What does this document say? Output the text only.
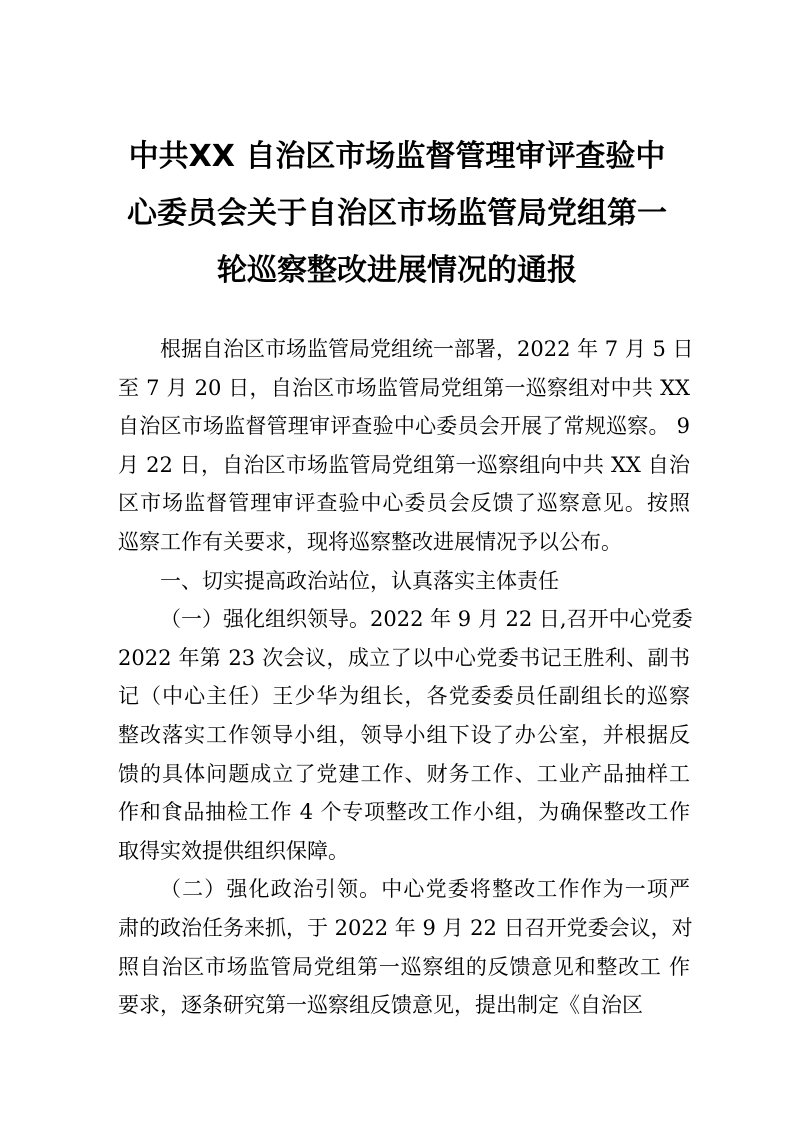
中共XX 自治区市场监督管理审评查验中
心委员会关于自治区市场监管局党组第一
轮巡察整改进展情况的通报
根据自治区市场监管局党组统一部署，2022 年 7 月 5 日
至 7 月 20 日，自治区市场监管局党组第一巡察组对中共 XX
自治区市场监督管理审评查验中心委员会开展了常规巡察。 9
月 22 日，自治区市场监管局党组第一巡察组向中共 XX 自治
区市场监督管理审评查验中心委员会反馈了巡察意见。按照
巡察工作有关要求，现将巡察整改进展情况予以公布。
一、切实提高政治站位，认真落实主体责任
（一）强化组织领导。2022 年 9 月 22 日,召开中心党委
2022 年第 23 次会议，成立了以中心党委书记王胜利、副书
记（中心主任）王少华为组长，各党委委员任副组长的巡察
整改落实工作领导小组，领导小组下设了办公室，并根据反
馈的具体问题成立了党建工作、财务工作、工业产品抽样工
作和食品抽检工作 4 个专项整改工作小组，为确保整改工作
取得实效提供组织保障。
（二）强化政治引领。中心党委将整改工作作为一项严
肃的政治任务来抓，于 2022 年 9 月 22 日召开党委会议，对
照自治区市场监管局党组第一巡察组的反馈意见和整改工 作
要求，逐条研究第一巡察组反馈意见，提出制定《自治区
